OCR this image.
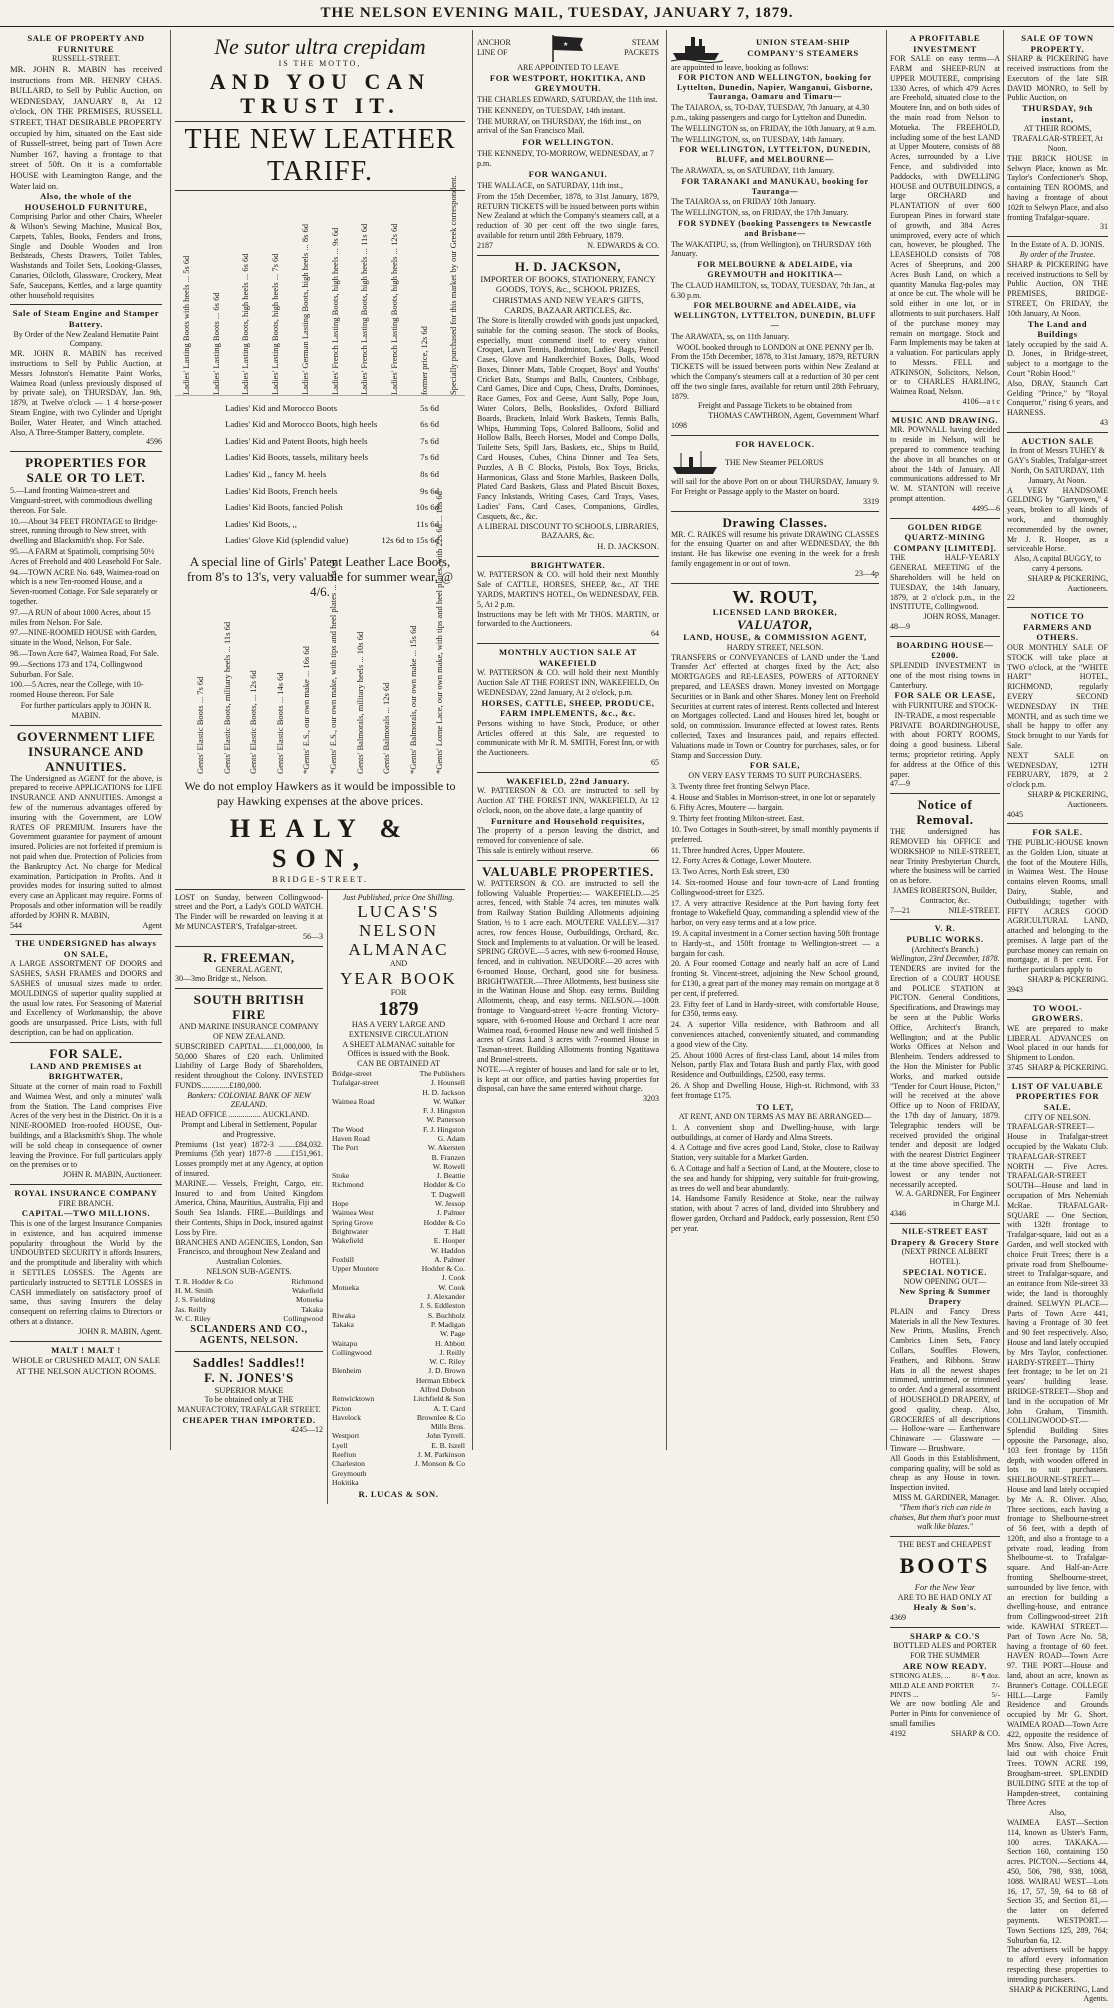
THE NELSON EVENING MAIL, TUESDAY, JANUARY 7, 1879.
SALE OF PROPERTY AND FURNITURE
RUSSELL-STREET.
MR. JOHN R. MABIN has received instructions from MR. HENRY CHAS. BULLARD, to Sell by Public Auction, on WEDNESDAY, JANUARY 8, At 12 o'clock, ON THE PREMISES, RUSSELL STREET, THAT DESIRABLE PROPERTY occupied by him, situated on the East side of Russell-street, being part of Town Acre Number 167, having a frontage to that street of 50ft. On it is a comfortable HOUSE with Leamington Range, and the Water laid on.
Also, the whole of the HOUSEHOLD FURNITURE,
Comprising Parlor and other Chairs, Wheeler & Wilson's Sewing Machine, Musical Box, Carpets, Tables, Books, Fenders and Irons, Single and Double Wooden and Iron Bedsteads, Chests Drawers, Toilet Tables, Washstands and Toilet Sets, Looking-Glasses, Canaries, Oilcloth, Glassware, Crockery, Meat Safe, Saucepans, Kettles, and a large quantity other household requisites
Sale of Steam Engine and Stamper Battery.
By Order of the New Zealand Hematite Paint Company.
MR. JOHN R. MABIN has received instructions to Sell by Public Auction, at Messrs Johnston's Hematite Paint Works, Waimea Road (unless previously disposed of by private sale), on THURSDAY, Jan. 9th, 1879, at Twelve o'clock — 1 4 horse-power Steam Engine, with two Cylinder and Upright Boiler, Water Heater, and Winch attached. Also, A Three-Stamper Battery, complete.
4596
PROPERTIES FOR SALE OR TO LET.
5.—Land fronting Waimea-street and Vanguard-street, with commodious dwelling thereon. For Sale.
10.—About 34 FEET FRONTAGE to Bridge-street, running through to New street, with dwelling and Blacksmith's shop. For Sale.
95.—A FARM at Spatimoli, comprising 50½ Acres of Freehold and 400 Leasehold For Sale.
94.—TOWN ACRE No. 649, Waimea-road on which is a new Ten-roomed House, and a Seven-roomed Cottage. For Sale separately or together.
97.—A RUN of about 1000 Acres, about 15 miles from Nelson. For Sale.
97.—NINE-ROOMED HOUSE with Garden, situate in the Wood, Nelson, For Sale.
98.—Town Acre 647, Waimea Road, For Sale.
99.—Sections 173 and 174, Collingwood Suburban. For Sale.
100.—5 Acres, near the College, with 10-roomed House thereon. For Sale
For further particulars apply to JOHN R. MABIN.
GOVERNMENT LIFE INSURANCE AND ANNUITIES.
The Undersigned as AGENT for the above, is prepared to receive APPLICATIONS for LIFE INSURANCE AND ANNUITIES. Amongst a few of the numerous advantages offered by insuring with the Government, are LOW RATES OF PREMIUM. Insurers have the Government guarantee for payment of amount insured. Policies are not forfeited if premium is not paid when due. Protection of Policies from the Bankruptcy Act. No charge for Medical examination. Participation in Profits. And it provides modes for insuring suited to almost every case an Applicant may require. Forms of Proposals and other information will be readily afforded by JOHN R. MABIN,
544	Agent
THE UNDERSIGNED has always ON SALE,
A LARGE ASSORTMENT OF DOORS and SASHES, SASH FRAMES and DOORS and SASHES of unusual sizes made to order. MOULDINGS of superior quality supplied at the usual low rates. For Seasoning of Material and Excellency of Workmanship, the above goods are unsurpassed. Price Lists, with full description, can be had on application.
FOR SALE.
LAND AND PREMISES at BRIGHTWATER,
Situate at the corner of main road to Foxhill and Waimea West, and only a minutes' walk from the Station. The Land comprises Five Acres of the very best in the District. On it is a NINE-ROOMED Iron-roofed HOUSE, Out-buildings, and a Blacksmith's Shop. The whole will be sold cheap in consequence of owner leaving the Province. For full particulars apply on the premises or to
JOHN R. MABIN, Auctioneer.
ROYAL INSURANCE COMPANY
FIRE BRANCH.
CAPITAL—TWO MILLIONS.
This is one of the largest Insurance Companies in existence, and has acquired immense popularity throughout the World by the UNDOUBTED SECURITY it affords Insurers, and the promptitude and liberality with which it SETTLES LOSSES. The Agents are particularly instructed to SETTLE LOSSES in CASH immediately on satisfactory proof of same, thus saving Insurers the delay consequent on referring claims to Directors or others at a distance.
JOHN R. MABIN, Agent.
MALT ! MALT !
WHOLE or CRUSHED MALT, ON SALE AT THE NELSON AUCTION ROOMS.
Ne sutor ultra crepidam
IS THE MOTTO,
AND YOU CAN TRUST IT.
THE NEW LEATHER TARIFF.
Ladies' Lasting Boots with heels ... 5s 6d Ladies' Lasting Boots ... 6s 6d Ladies' Lasting Boots, high heels ... 6s 6d Ladies' Lasting Boots, high heels ... 7s 6d Ladies' German Lasting Boots, high heels ... 8s 6d Ladies' French Lasting Boots, high heels ... 9s 6d Ladies' French Lasting Boots, high heels ... 11s 6d Ladies' French Lasting Boots, high heels ... 12s 6d former price, 12s 6d Specially purchased for this market by our Greek correspondent.
Ladies' Kid and Morocco Boots	5s 6d
Ladies' Kid and Morocco Boots, high heels	6s 6d
Ladies' Kid and Patent Boots, high heels	7s 6d
Ladies' Kid Boots, tassels, military heels	7s 6d
Ladies' Kid ,, fancy M. heels	8s 6d
Ladies' Kid Boots, French heels	9s 6d
Ladies' Kid Boots, fancied Polish	10s 6d
Ladies' Kid Boots, ,,	11s 6d
Ladies' Glove Kid (splendid value)	12s 6d to 15s 6d
A special line of Girls' Patent Leather Lace Boots, from 8's to 13's, very valuable for summer wear, @ 4/6.
Gents' Elastic Boots ... 7s 6d Gents' Elastic Boots, military heels ... 11s 6d Gents' Elastic Boots, ... 12s 6d Gents' Elastic Boots ... 14s 6d *Gents' E.S., our own make ... 16s 6d *Gents' E.S., our own make, with tips and heel plates ... 18s 6d Gents' Balmorals, military heels ... 10s 6d Gents' Balmorals ... 12s 6d *Gents' Balmorals, our own make ... 15s 6d *Gents' Lorne Lace, our own make, with tips and heel plates, with 22s 6d ... 18s 6d
We do not employ Hawkers as it would be impossible to pay Hawking expenses at the above prices.
HEALY & SON,
BRIDGE-STREET.
LOST on Sunday, between Collingwood-street and the Port, a Lady's GOLD WATCH. The Finder will be rewarded on leaving it at Mr MUNCASTER'S, Trafalgar-street.
56—3
R. FREEMAN,
GENERAL AGENT,
30—3mo Bridge st., Nelson.
SOUTH BRITISH FIRE
AND MARINE INSURANCE COMPANY OF NEW ZEALAND.
SUBSCRIBED CAPITAL......£1,000,000, In 50,000 Shares of £20 each. Unlimited Liability of Large Body of Shareholders, resident throughout the Colony. INVESTED FUNDS..............£180,000.
Bankers: COLONIAL BANK OF NEW ZEALAND.
HEAD OFFICE ................ AUCKLAND.
Prompt and Liberal in Settlement, Popular and Progressive.
Premiums (1st year) 1872-3 ........£84,032. Premiums (5th year) 1877-8 ........£151,961. Losses promptly met at any Agency, at option of insured.
MARINE.— Vessels, Freight, Cargo, etc. Insured to and from United Kingdom America, China, Mauritius, Australia, Fiji and South Sea Islands. FIRE.—Buildings and their Contents, Ships in Dock, insured against Loss by Fire.
BRANCHES AND AGENCIES, London, San Francisco, and throughout New Zealand and Australian Colonies.
NELSON SUB-AGENTS.
T. R. Hodder & Co	Richmond
H. M. Smith	Wakefield
J. S. Fielding	Motueka
Jas. Reilly	Takaka
W. C. Riley	Collingwood
SCLANDERS AND CO., AGENTS, NELSON.
Saddles! Saddles!!
F. N. JONES'S
SUPERIOR MAKE
To be obtained only at THE MANUFACTORY, TRAFALGAR STREET.
CHEAPER THAN IMPORTED.
4245—12
Just Published, price One Shilling.
LUCAS'S
NELSON ALMANAC
AND
YEAR BOOK
FOR
1879
HAS A VERY LARGE AND EXTENSIVE CIRCULATION
A SHEET ALMANAC suitable for Offices is issued with the Book.
CAN BE OBTAINED AT
Bridge-street	The Publishers
Trafalgar-street	J. Hounsell
H. D. Jackson
Waimea Road	W. Walker
F. J. Hingston
W. Patterson
The Wood	F. J. Hingston
Haven Road	G. Adam
The Port	W. Akersten
B. Franzen
W. Rowell
Stoke	J. Beattie
Richmond	Hodder & Co
T. Dugwell
Hope	W. Jessop
Waimea West	J. Palmer
Spring Grove	Hodder & Co
Brightwater	T. Hall
Wakefield	E. Hooper
W. Haddon
Foxhill	A. Palmer
Upper Moutere	Hodder & Co.
J. Cook
Motueka	W. Cook
J. Alexander
J. S. Eddleston
Riwaka	S. Buchholz
Takaka	P. Madigan
W. Page
Waitapu	H. Abbott
Collingwood	J. Reilly
W. C. Riley
Blenheim	J. D. Brown
Herman Ebbeck
Alfred Dobson
Renwicktown	Litchfield & Son
Picton	A. T. Card
Havelock	Brownlee & Co
Mills Bros.
Westport	John Tyrrell.
Lyell	E. B. Iszell
Reefton	J. M. Parkinson
Charleston	J. Monson & Co
Greymouth
Hokitika
R. LUCAS & SON.
ANCHOR
LINE OF
★	STEAM
PACKETS
ARE APPOINTED TO LEAVE
FOR WESTPORT, HOKITIKA, AND GREYMOUTH.
THE CHARLES EDWARD, SATURDAY, the 11th inst.
THE KENNEDY, on TUESDAY, 14th instant.
THE MURRAY, on THURSDAY, the 16th inst., on arrival of the San Francisco Mail.
FOR WELLINGTON.
THE KENNEDY, TO-MORROW, WEDNESDAY, at 7 p.m.
FOR WANGANUI.
THE WALLACE, on SATURDAY, 11th inst.,
From the 15th December, 1878, to 31st January, 1879, RETURN TICKETS will be issued between ports within New Zealand at which the Company's steamers call, at a reduction of 30 per cent off the two single fares, available for return until 28th February, 1879.
2187	N. EDWARDS & CO.
H. D. JACKSON,
IMPORTER OF BOOKS, STATIONERY, FANCY GOODS, TOYS, &c., SCHOOL PRIZES, CHRISTMAS AND NEW YEAR'S GIFTS, CARDS, BAZAAR ARTICLES, &c.
The Store is literally crowded with goods just unpacked, suitable for the coming season. The stock of Books, especially, must commend itself to every visitor. Croquet, Lawn Tennis, Badminton, Ladies' Bags, Pencil Cases, Glove and Handkerchief Boxes, Dolls, Wood Boxes, Dinner Mats, Table Croquet, Boys' and Youths' Cricket Bats, Stumps and Balls, Counters, Cribbage, Card Games, Dice and Cups, Chess, Drafts, Dominoes, Race Games, Fox and Geese, Aunt Sally, Pope Joan, Water Colors, Bells, Bookslides, Oxford Billiard Boards, Brackets, Inlaid Work Baskets, Tennis Balls, Whips, Humming Tops, Colored Balloons, Solid and Hollow Balls, Beech Horses, Model and Compo Dolls, Toilette Sets, Spill Jars, Baskets, etc., Ships to Build, Card Houses, Cubes, China Dinner and Tea Sets, Puzzles, A B C Blocks, Pistols, Box Toys, Bricks, Harmonicas, Glass and Stone Marbles, Baskeen Dolls, Plated Card Baskets, Glass and Plated Biscuit Boxes, Fancy Inkstands, Writing Cases, Card Trays, Vases, Ladies' Fans, Card Cases, Companions, Girdles, Casquets, &c., &c.
A LIBERAL DISCOUNT TO SCHOOLS, LIBRARIES, BAZAARS, &c.
H. D. JACKSON.
BRIGHTWATER.
W. PATTERSON & CO. will hold their next Monthly Sale of CATTLE, HORSES, SHEEP, &c., AT THE YARDS, MARTIN'S HOTEL, On WEDNESDAY, FEB. 5, At 2 p.m.
Instructions may be left with Mr THOS. MARTIN, or forwarded to the Auctioneers.
64
MONTHLY AUCTION SALE AT WAKEFIELD
W. PATTERSON & CO. will hold their next Monthly Auction Sale AT THE FOREST INN, WAKEFIELD, On WEDNESDAY, 22nd January, At 2 o'clock, p.m.
HORSES, CATTLE, SHEEP, PRODUCE, FARM IMPLEMENTS, &c., &c.
Persons wishing to have Stock, Produce, or other Articles offered at this Sale, are requested to communicate with Mr R. M. SMITH, Forest Inn, or with the Auctioneers.
65
WAKEFIELD, 22nd January.
W. PATTERSON & CO. are instructed to sell by Auction AT THE FOREST INN, WAKEFIELD, At 12 o'clock, noon, on the above date, a large quantity of
Furniture and Household requisites,
The property of a person leaving the district, and removed for convenience of sale.
This sale is entirely without reserve.	66
VALUABLE PROPERTIES.
W. PATTERSON & CO. are instructed to sell the following Valuable Properties:— WAKEFIELD.—25 acres, fenced, with Stable 74 acres, ten minutes walk from Railway Station Building Allotments adjoining Station, ½ to 1 acre each. MOUTERE VALLEY.—317 acres, row fences House, Outbuildings, Orchard, &c. Stock and Implements to at valuation. Or will be leased. SPRING GROVE.—5 acres, with new 6-roomed House, fenced, and in cultivation. NEUDORF.—20 acres with 6-roomed House, Orchard, good site for business. BRIGHTWATER.—Three Allotments, best business site in the Watinan House and Shop. easy terms. Building Allotments, cheap, and easy terms. NELSON.—100ft frontage to Vanguard-street ½-acre fronting Victory-square, with 6-roomed House and Orchard 1 acre near Waimea road, 6-roomed House new and well finished 5 acres of Grass Land 3 acres with 7-roomed House in Tasman-street. Building Allotments fronting Ngatitawa and Brunel-streets.
NOTE.—A register of houses and land for sale or to let, is kept at our office, and parties having properties for disposal, can have the same entered without charge.
3203
UNION STEAM-SHIP COMPANY'S STEAMERS
are appointed to leave, booking as follows:
FOR PICTON AND WELLINGTON, booking for Lyttelton, Dunedin, Napier, Wanganui, Gisborne, Tauranga, Oamaru and Timaru—
The TAIAROA, ss, TO-DAY, TUESDAY, 7th January, at 4.30 p.m., taking passengers and cargo for Lyttelton and Dunedin.
The WELLINGTON ss, on FRIDAY, the 10th January, at 9 a.m.
The WELLINGTON, ss, on TUESDAY, 14th January.
FOR WELLINGTON, LYTTELTON, DUNEDIN, BLUFF, and MELBOURNE—
The ARAWATA, ss, on SATURDAY, 11th January.
FOR TARANAKI and MANUKAU, booking for Tauranga—
The TAIAROA ss, on FRIDAY 10th January.
The WELLINGTON, ss, on FRIDAY, the 17th January.
FOR SYDNEY (booking Passengers to Newcastle and Brisbane—
The WAKATIPU, ss, (from Wellington), on THURSDAY 16th January.
FOR MELBOURNE & ADELAIDE, via GREYMOUTH and HOKITIKA—
The CLAUD HAMILTON, ss, TODAY, TUESDAY, 7th Jan., at 6.30 p.m.
FOR MELBOURNE and ADELAIDE, via WELLINGTON, LYTTELTON, DUNEDIN, BLUFF—
The ARAWATA, ss, on 11th January.
WOOL booked through to LONDON at ONE PENNY per lb.
From the 15th December, 1878, to 31st January, 1879, RETURN TICKETS will be issued between ports within New Zealand at which the Company's steamers call at a reduction of 30 per cent off the two single fares, available for return until 28th February, 1879.
Freight and Passage Tickets to be obtained from
THOMAS CAWTHRON, Agent, Government Wharf
1098
FOR HAVELOCK.
THE New Steamer PELORUS
will sail for the above Port on or about THURSDAY, January 9. For Freight or Passage apply to the Master on board.
3319
Drawing Classes.
MR. C. RAIKES will resume his private DRAWING CLASSES for the ensuing Quarter on and after WEDNESDAY, the 8th instant. He has likewise one evening in the week for a fresh family engagement in or out of town.
23—4p
W. ROUT,
LICENSED LAND BROKER,
VALUATOR,
LAND, HOUSE, & COMMISSION AGENT,
HARDY STREET, NELSON.
TRANSFERS or CONVEYANCES of LAND under the 'Land Transfer Act' effected at charges fixed by the Act; also MORTGAGES and RE-LEASES, POWERS of ATTORNEY prepared, and LEASES drawn. Money invested on Mortgage Securities or in Bank and other Shares. Money lent on Freehold Securities at current rates of interest. Rents collected and Interest on Mortgages collected. Land and Houses hired let, bought or sold, on commission. Insurance effected at lowest rates. Rents collected, Taxes and Insurances paid, and repairs effected. Valuations made in Town or Country for purchases, sales, or for Stamp and Succession Duty.
FOR SALE,
ON VERY EASY TERMS TO SUIT PURCHASERS.
3. Twenty three feet fronting Selwyn Place.
4. House and Stables in Morrison-street, in one lot or separately
6. Fifty Acres, Moutere — bargain.
9. Thirty feet fronting Milton-street. East.
10. Two Cottages in South-street, by small monthly payments if preferred.
11. Three hundred Acres, Upper Moutere.
12. Forty Acres & Cottage, Lower Moutere.
13. Two Acres, North Esk street, £30
14. Six-roomed House and four town-acre of Land fronting Collingwood-street for £325.
17. A very attractive Residence at the Port having forty feet frontage to Wakefield Quay, commanding a splendid view of the harbor, on very easy terms and at a low price.
19. A capital investment in a Corner section having 50ft frontage to Hardy-st., and 150ft frontage to Wellington-street — a bargain for cash.
20. A Four roomed Cottage and nearly half an acre of Land fronting St. Vincent-street, adjoining the New School ground, for £130, a great part of the money may remain on mortgage at 8 per cent, if preferred.
23. Fifty feet of Land in Hardy-street, with comfortable House, for £350, terms easy.
24. A superior Villa residence, with Bathroom and all conveniences attached, conveniently situated, and commanding a good view of the City.
25. About 1000 Acres of first-class Land, about 14 miles from Nelson, partly Flax and Totara Bush and partly Flax, with good Residence and Outbuildings, £2500, easy terms.
26. A Shop and Dwelling House, High-st. Richmond, with 33 feet frontage £175.
TO LET,
AT RENT, AND ON TERMS AS MAY BE ARRANGED—
1. A convenient shop and Dwelling-house, with large outbuildings, at corner of Hardy and Alma Streets.
4. A Cottage and five acres good Land, Stoke, close to Railway Station, very suitable for a Market Garden.
6. A Cottage and half a Section of Land, at the Moutere, close to the sea and handy for shipping, very suitable for fruit-growing, as trees do well and bear abundantly.
14. Handsome Family Residence at Stoke, near the railway station, with about 7 acres of land, divided into Shrubbery and flower garden, Orchard and Paddock, early possession, Rent £50 per year.
A PROFITABLE INVESTMENT
FOR SALE on easy terms—A FARM and SHEEP-RUN at UPPER MOUTERE, comprising 1330 Acres, of which 479 Acres are Freehold, situated close to the Moutere Inn, and on both sides of the main road from Nelson to Motueka. The FREEHOLD, including some of the best LAND at Upper Moutere, consists of 88 Acres, surrounded by a Live Fence, and subdivided into Paddocks, with DWELLING HOUSE and OUTBUILDINGS, a large ORCHARD and PLANTATION of over 600 European Pines in forward state of growth, and 384 Acres unimproved, every acre of which can, however, be ploughed. The LEASEHOLD consists of 708 Acres of Sheepruns, and 200 Acres Bush Land, on which a quantity Manuka flag-poles may at once be cut. The whole will be sold either in one lot, or in allotments to suit purchasers. Half of the purchase money may remain on mortgage. Stock and Farm Implements may be taken at a valuation. For particulars apply to Messrs. FELL and ATKINSON, Solicitors, Nelson, or to CHARLES HARLING, Waimea Road, Nelson.
4106—a t c
MUSIC AND DRAWING.
MR. POWNALL having decided to reside in Nelson, will be prepared to commence teaching the above in all branches on or about the 14th of January. All communications addressed to Mr W. M. STANTON will receive prompt attention.
4495—6
GOLDEN RIDGE QUARTZ-MINING COMPANY [LIMITED].
THE HALF-YEARLY GENERAL MEETING of the Shareholders will be held on TUESDAY, the 14th January, 1879, at 2 o'clock p.m., in the INSTITUTE, Collingwood.
JOHN ROSS, Manager.
48—9
BOARDING HOUSE—£2000.
SPLENDID INVESTMENT in one of the most rising towns in Canterbury.
FOR SALE OR LEASE,
with FURNITURE and STOCK-IN-TRADE, a most respectable
PRIVATE BOARDINGHOUSE, with about FORTY ROOMS, doing a good business. Liberal terms; proprietor retiring. Apply for address at the Office of this paper.
47—9
Notice of Removal.
THE undersigned has REMOVED his OFFICE and WORKSHOP to NILE-STREET, near Trinity Presbyterian Church, where the business will be carried on as before.
JAMES ROBERTSON, Builder, Contractor, &c.
7—21	NILE-STREET.
V. R.
PUBLIC WORKS.
(Architect's Branch.)
Wellington, 23rd December, 1878.
TENDERS are invited for the Erection of a COURT HOUSE and POLICE STATION at PICTON. General Conditions, Specifications, and Drawings may be seen at the Public Works Office, Architect's Branch, Wellington; and at the Public Works Offices at Nelson and Blenheim. Tenders addressed to the Hon the Minister for Public Works, and marked outside "Tender for Court House, Picton," will be received at the above Office up to Noon of FRIDAY, the 17th day of January, 1879. Telegraphic tenders will be received provided the original tender and deposit are lodged with the nearest District Engineer at the time above specified. The lowest or any tender not necessarily accepted.
W. A. GARDNER, For Engineer in Charge M.I.
4346
NILE-STREET EAST
Drapery & Grocery Store
(NEXT PRINCE ALBERT HOTEL).
SPECIAL NOTICE.
NOW OPENING OUT—
New Spring & Summer Drapery
PLAIN and Fancy Dress Materials in all the New Textures. New Prints, Muslins, French Cambrics Linen Sets, Fancy Collars, Souffles Flowers, Feathers, and Ribbons. Straw Hats in all the newest shapes trimmed, untrimmed, or trimmed to order. And a general assortment of HOUSEHOLD DRAPERY, of good quality, cheap. Also, GROCERIES of all descriptions — Hollow-ware — Earthenware Chinaware — Glassware — Tinware — Brushware.
All Goods in this Establishment, comparing quality, will be sold as cheap as any House in town. Inspection invited.
MISS M. GARDINER, Manager.
"Them that's rich can ride in chaises, But them that's poor must walk like blazes."
THE BEST and CHEAPEST
BOOTS
For the New Year
ARE TO BE HAD ONLY AT
Healy & Son's.
4369
SHARP & CO.'S
BOTTLED ALES and PORTER FOR THE SUMMER
ARE NOW READY.
STRONG ALES, ...	8/- ¶ doz.
MILD ALE AND PORTER 7/-
PINTS ...	5/-
We are now bottling Ale and Porter in Pints for convenience of small families
4192	SHARP & CO.
SALE OF TOWN PROPERTY.
SHARP & PICKERING have received instructions from the Executors of the late SIR DAVID MONRO, to Sell by Public Auction, on
THURSDAY, 9th instant,
AT THEIR ROOMS, TRAFALGAR-STREET, At Noon.
THE BRICK HOUSE in Selwyn Place, known as Mr. Taylor's Confectioner's Shop, containing TEN ROOMS, and having a frontage of about 102ft to Selwyn Place, and also fronting Trafalgar-square.
31
In the Estate of A. D. JONIS.
By order of the Trustee.
SHARP & PICKERING have received instructions to Sell by Public Auction, ON THE PREMISES, BRIDGE-STREET, On FRIDAY, the 10th January, At Noon.
The Land and Buildings
lately occupied by the said A. D. Jones, in Bridge-street, subject to a mortgage to the Court "Robin Hood."
Also, DRAY, Staunch Cart Gelding "Prince," by "Royal Conqueror," rising 6 years, and HARNESS.
43
AUCTION SALE
In front of Messrs TUHEY & GAY's Stables, Trafalgar-street North, On SATURDAY, 11th January, At Noon.
A VERY HANDSOME GELDING by "Garryowen," 4 years, broken to all kinds of work, and thoroughly recommended by the owner, Mr J. R. Hooper, as a serviceable Horse.
Also, A capital BUGGY, to carry 4 persons.
SHARP & PICKERING, Auctioneers.
22
NOTICE TO FARMERS AND OTHERS.
OUR MONTHLY SALE OF STOCK will take place at TWO o'clock, at the "WHITE HART" HOTEL, RICHMOND, regularly EVERY SECOND WEDNESDAY IN THE MONTH, and as such time we shall be happy to offer any Stock brought to our Yards for Sale.
NEXT SALE on WEDNESDAY, 12TH FEBRUARY, 1879, at 2 o'clock p.m.
SHARP & PICKERING, Auctioneers.
4045
FOR SALE.
THE PUBLIC-HOUSE known as the Golden Lion, situate at the foot of the Moutere Hills, in Waimea West. The House contains eleven Rooms, small Dairy, Stable, and Outbuildings; together with FIFTY ACRES GOOD AGRICULTURAL LAND, attached and belonging to the premises. A large part of the purchase money can remain on mortgage, at 8 per cent. For further particulars apply to
SHARP & PICKERING.
3943
TO WOOL-GROWERS.
WE are prepared to make LIBERAL ADVANCES on Wool placed in our hands for Shipment to London.
3745 SHARP & PICKERING.
LIST OF VALUABLE PROPERTIES FOR SALE.
CITY OF NELSON.
TRAFALGAR-STREET—House in Trafalgar-street occupied by the Wakatu Club. TRAFALGAR-STREET NORTH — Five Acres. TRAFALGAR-STREET SOUTH—House and land in occupation of Mrs Nehemiah McRae. TRAFALGAR-SQUARE — One Section, with 132ft frontage to Trafalgar-square, laid out as a Garden, and well stocked with choice Fruit Trees; there is a private road from Shelbourne-street to Trafalgar-square, and an entrance from Nile-street 33 wide; the land is thoroughly drained. SELWYN PLACE—Parts of Town Acre 441, having a Frontage of 30 feet and 90 feet respectively. Also, House and land lately occupied by Mrs Taylor, confectioner. HARDY-STREET—Thirty feet frontage; to be let on 21 years' building lease. BRIDGE-STREET—Shop and land in the occupation of Mr John Graham, Tinsmith. COLLINGWOOD-ST.—Splendid Building Sites opposite the Parsonage, also, 103 feet frontage by 115ft depth, with wooden offered in lots to suit purchasers. SHELBOURNE-STREET—House and land lately occupied by Mr A. R. Oliver. Also, Three sections, each having a frontage to Shelbourne-street of 56 feet, with a depth of 120ft, and also a frontage to a private road, leading from Shelbourne-st. to Trafalgar-square. And Half-an-Acre fronting Shelbourne-street, surrounded by live fence, with an erection for building a dwelling-house, and entrance from Collingwood-street 21ft wide. KAWHAI STREET—Part of Town Acre No. 58, having a frontage of 60 feet. HAVEN ROAD—Town Acre 97. THE PORT—House and land, about an acre, known as Brunner's Cottage. COLLEGE HILL—Large Family Residence and Grounds occupied by Mr G. Short. WAIMEA ROAD—Town Acre 422, opposite the residence of Mrs Snow. Also, Five Acres, laid out with choice Fruit Trees. TOWN ACRE 199, Brougham-street. SPLENDID BUILDING SITE at the top of Hampden-street, containing Three Acres
Also,
WAIMEA EAST—Section 114, known as Ulster's Farm, 100 acres. TAKAKA.—Section 160, containing 150 acres. PICTON.—Sections 44, 450, 506, 798, 938, 1068, 1088. WAIRAU WEST—Lots 16, 17, 57, 59, 64 to 68 of Section 35, and Section 81,—the latter on deferred payments. WESTPORT.—Town Sections 125, 289, 764; Suburban 6a, 12.
The advertisers will be happy to afford every information respecting these properties to intending purchasers.
SHARP & PICKERING, Land Agents.
